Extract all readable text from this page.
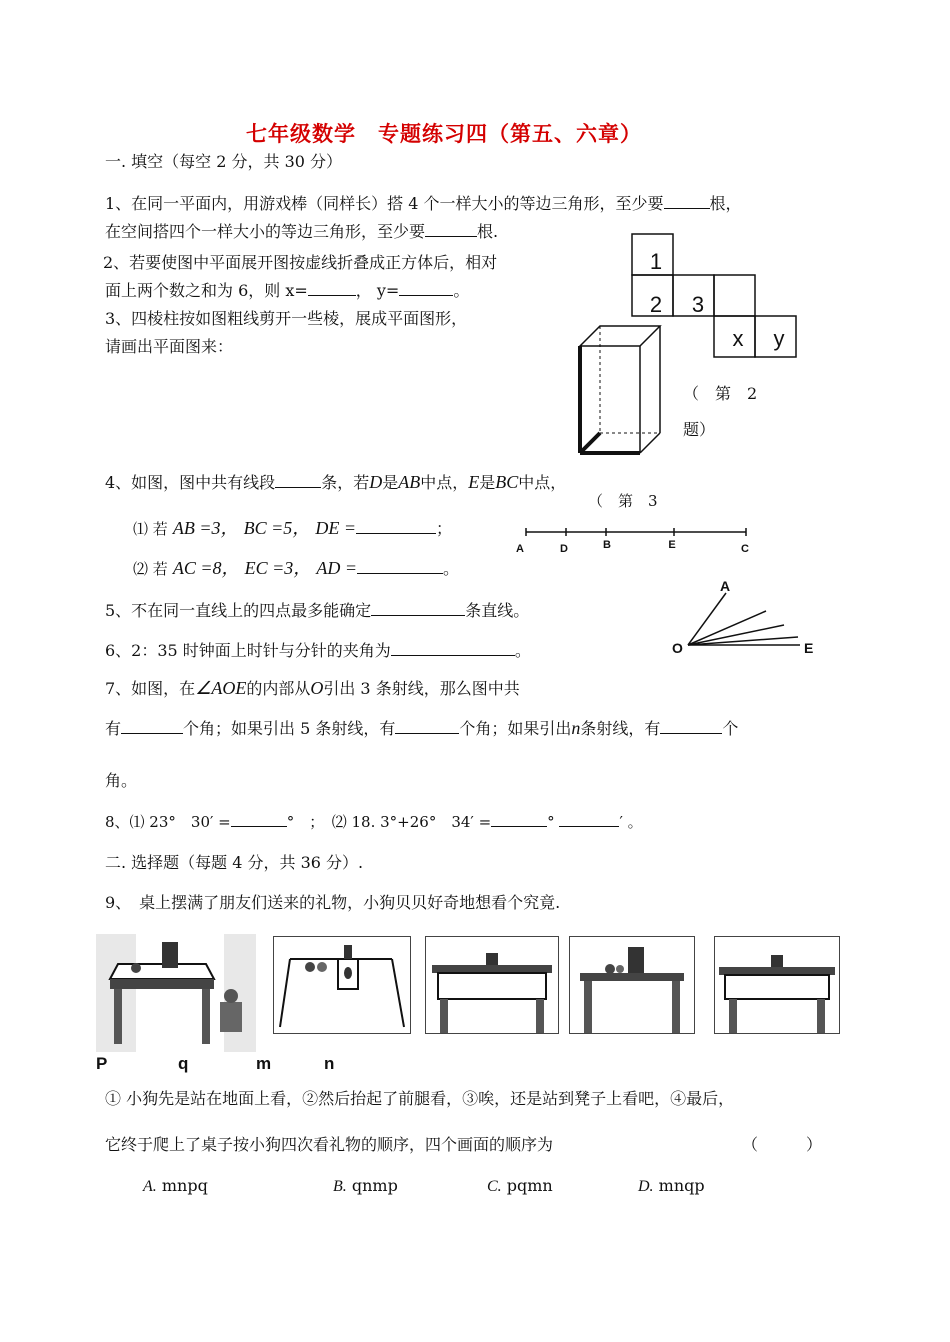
七年级数学　专题练习四（第五、六章）
一. 填空（每空 2 分，共 30 分）
1、在同一平面内，用游戏棒（同样长）搭 4 个一样大小的等边三角形，至少要	根，
在空间搭四个一样大小的等边三角形，至少要	根.
2、若要使图中平面展开图按虚线折叠成正方体后，相对
面上两个数之和为 6，则 x=	， y=	。
3、四棱柱按如图粗线剪开一些棱，展成平面图形，
请画出平面图来：
1
2 3
x y
（　第　2
题）
4、如图，图中共有线段	条，若D是AB中点，E是BC中点，
（　第　3
⑴ 若 AB =3， BC =5， DE =	；
⑵ 若 AC =8， EC =3， AD =	。
A	D	B	E	C
5、不在同一直线上的四点最多能确定	条直线。
6、2：35 时钟面上时针与分针的夹角为	。
A
O	E
7、如图，在∠AOE的内部从O引出 3 条射线，那么图中共
有	个角；如果引出 5 条射线，有	个角；如果引出n条射线，有	个
角。
8、⑴ 23°　30′ =	°　；　⑵ 18. 3°+26°　34′ =	°	′ 。
二. 选择题（每题 4 分，共 36 分）.
9、　桌上摆满了朋友们送来的礼物，小狗贝贝好奇地想看个究竟.
P	q	m	n
① 小狗先是站在地面上看，②然后抬起了前腿看，③唉，还是站到凳子上看吧，④最后，
它终于爬上了桌子按小狗四次看礼物的顺序，四个画面的顺序为	（　　　）
A. mnpq	B. qnmp	C. pqmn	D. mnqp
